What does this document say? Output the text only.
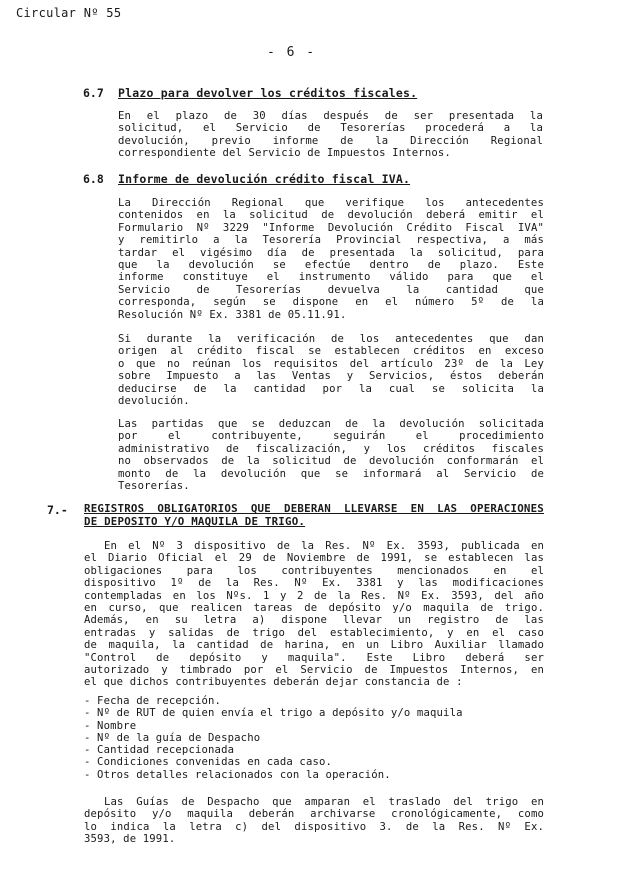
Circular Nº 55
- 6 -
6.7 Plazo para devolver los créditos fiscales.
En el plazo de 30 días después de ser presentada la
solicitud, el Servicio de Tesorerías procederá a la
devolución, previo informe de la Dirección Regional
correspondiente del Servicio de Impuestos Internos.
6.8 Informe de devolución crédito fiscal IVA.
La Dirección Regional que verifique los antecedentes
contenidos en la solicitud de devolución deberá emitir el
Formulario Nº 3229 "Informe Devolución Crédito Fiscal IVA"
y remitirlo a la Tesorería Provincial respectiva, a más
tardar el vigésimo día de presentada la solicitud, para
que la devolución se efectúe dentro de plazo. Este
informe constituye el instrumento válido para que el
Servicio de Tesorerías devuelva la cantidad que
corresponda, según se dispone en el número 5º de la
Resolución Nº Ex. 3381 de 05.11.91.
Si durante la verificación de los antecedentes que dan
origen al crédito fiscal se establecen créditos en exceso
o que no reúnan los requisitos del artículo 23º de la Ley
sobre Impuesto a las Ventas y Servicios, éstos deberán
deducirse de la cantidad por la cual se solicita la
devolución.
Las partidas que se deduzcan de la devolución solicitada
por el contribuyente, seguirán el procedimiento
administrativo de fiscalización, y los créditos fiscales
no observados de la solicitud de devolución conformarán el
monto de la devolución que se informará al Servicio de
Tesorerías.
7.- REGISTROS OBLIGATORIOS QUE DEBERAN LLEVARSE EN LAS OPERACIONES
DE DEPOSITO Y/O MAQUILA DE TRIGO.
En el Nº 3 dispositivo de la Res. Nº Ex. 3593, publicada en
el Diario Oficial el 29 de Noviembre de 1991, se establecen las
obligaciones para los contribuyentes mencionados en el
dispositivo 1º de la Res. Nº Ex. 3381 y las modificaciones
contempladas en los Nºs. 1 y 2 de la Res. Nº Ex. 3593, del año
en curso, que realicen tareas de depósito y/o maquila de trigo.
Además, en su letra a) dispone llevar un registro de las
entradas y salidas de trigo del establecimiento, y en el caso
de maquila, la cantidad de harina, en un Libro Auxiliar llamado
"Control de depósito y maquila". Este Libro deberá ser
autorizado y timbrado por el Servicio de Impuestos Internos, en
el que dichos contribuyentes deberán dejar constancia de :
- Fecha de recepción.
- Nº de RUT de quien envía el trigo a depósito y/o maquila
- Nombre
- Nº de la guía de Despacho
- Cantidad recepcionada
- Condiciones convenidas en cada caso.
- Otros detalles relacionados con la operación.
Las Guías de Despacho que amparan el traslado del trigo en
depósito y/o maquila deberán archivarse cronológicamente, como
lo indica la letra c) del dispositivo 3. de la Res. Nº Ex.
3593, de 1991.
